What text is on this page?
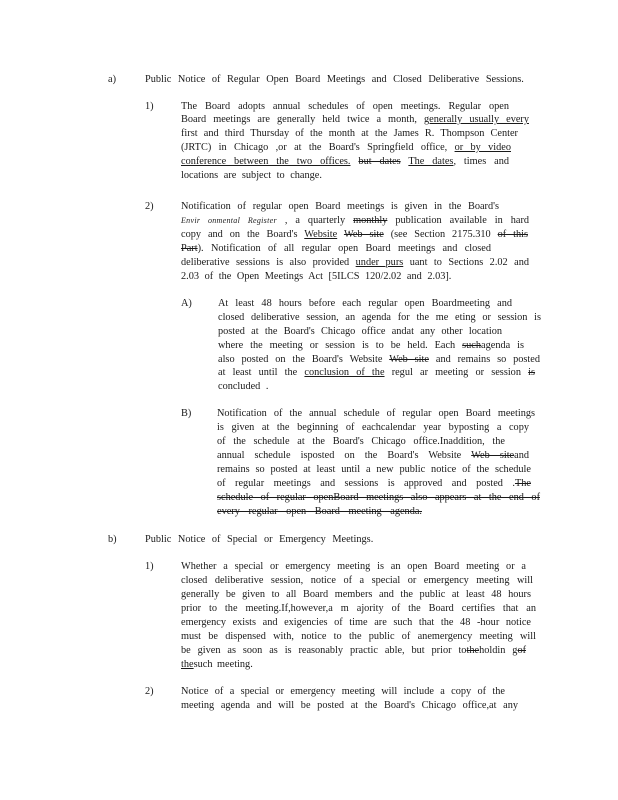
a)	Public Notice of Regular Open Board Meetings and Closed Deliberative Sessions.
1)	The Board adopts annual schedules of open meetings. Regular open
Board meetings are generally held twice a month, generally usually every
first and third Thursday of the month at the James R. Thompson Center
(JRTC) in Chicago ,or at the Board's Springfield office, or by video
conference between the two offices. but dates The dates, times and
locations are subject to change.
2)	Notification of regular open Board meetings is given in the Board's
Envir onmental Register , a quarterly monthly publication available in hard
copy and on the Board's Website Web site (see Section 2175.310 of this
Part). Notification of all regular open Board meetings and closed
deliberative sessions is also provided under purs uant to Sections 2.02 and
2.03 of the Open Meetings Act [5ILCS 120/2.02 and 2.03].
A)	At least 48 hours before each regular open Boardmeeting and
closed deliberative session, an agenda for the me eting or session is
posted at the Board's Chicago office andat any other location
where the meeting or session is to be held. Each suchagenda is
also posted on the Board's Website Web site and remains so posted
at least until the conclusion of the regul ar meeting or session is
concluded .
B) Notification of the annual schedule of regular open Board meetings
is given at the beginning of eachcalendar year byposting a copy
of the schedule at the Board's Chicago office.Inaddition, the
annual schedule isposted on the Board's Website Web siteand
remains so posted at least until a new public notice of the schedule
of regular meetings and sessions is approved and posted .The
schedule of regular openBoard meetings also appears at the end of
every regular open Board meeting agenda.
b)	Public Notice of Special or Emergency Meetings.
1)	Whether a special or emergency meeting is an open Board meeting or a
closed deliberative session, notice of a special or emergency meeting will
generally be given to all Board members and the public at least 48 hours
prior to the meeting.If,however,a m ajority of the Board certifies that an
emergency exists and exigencies of time are such that the 48 -hour notice
must be dispensed with, notice to the public of anemergency meeting will
be given as soon as is reasonably practic able, but prior totheholdin gof
thesuch meeting.
2)	Notice of a special or emergency meeting will include a copy of the
meeting agenda and will be posted at the Board's Chicago office,at any
